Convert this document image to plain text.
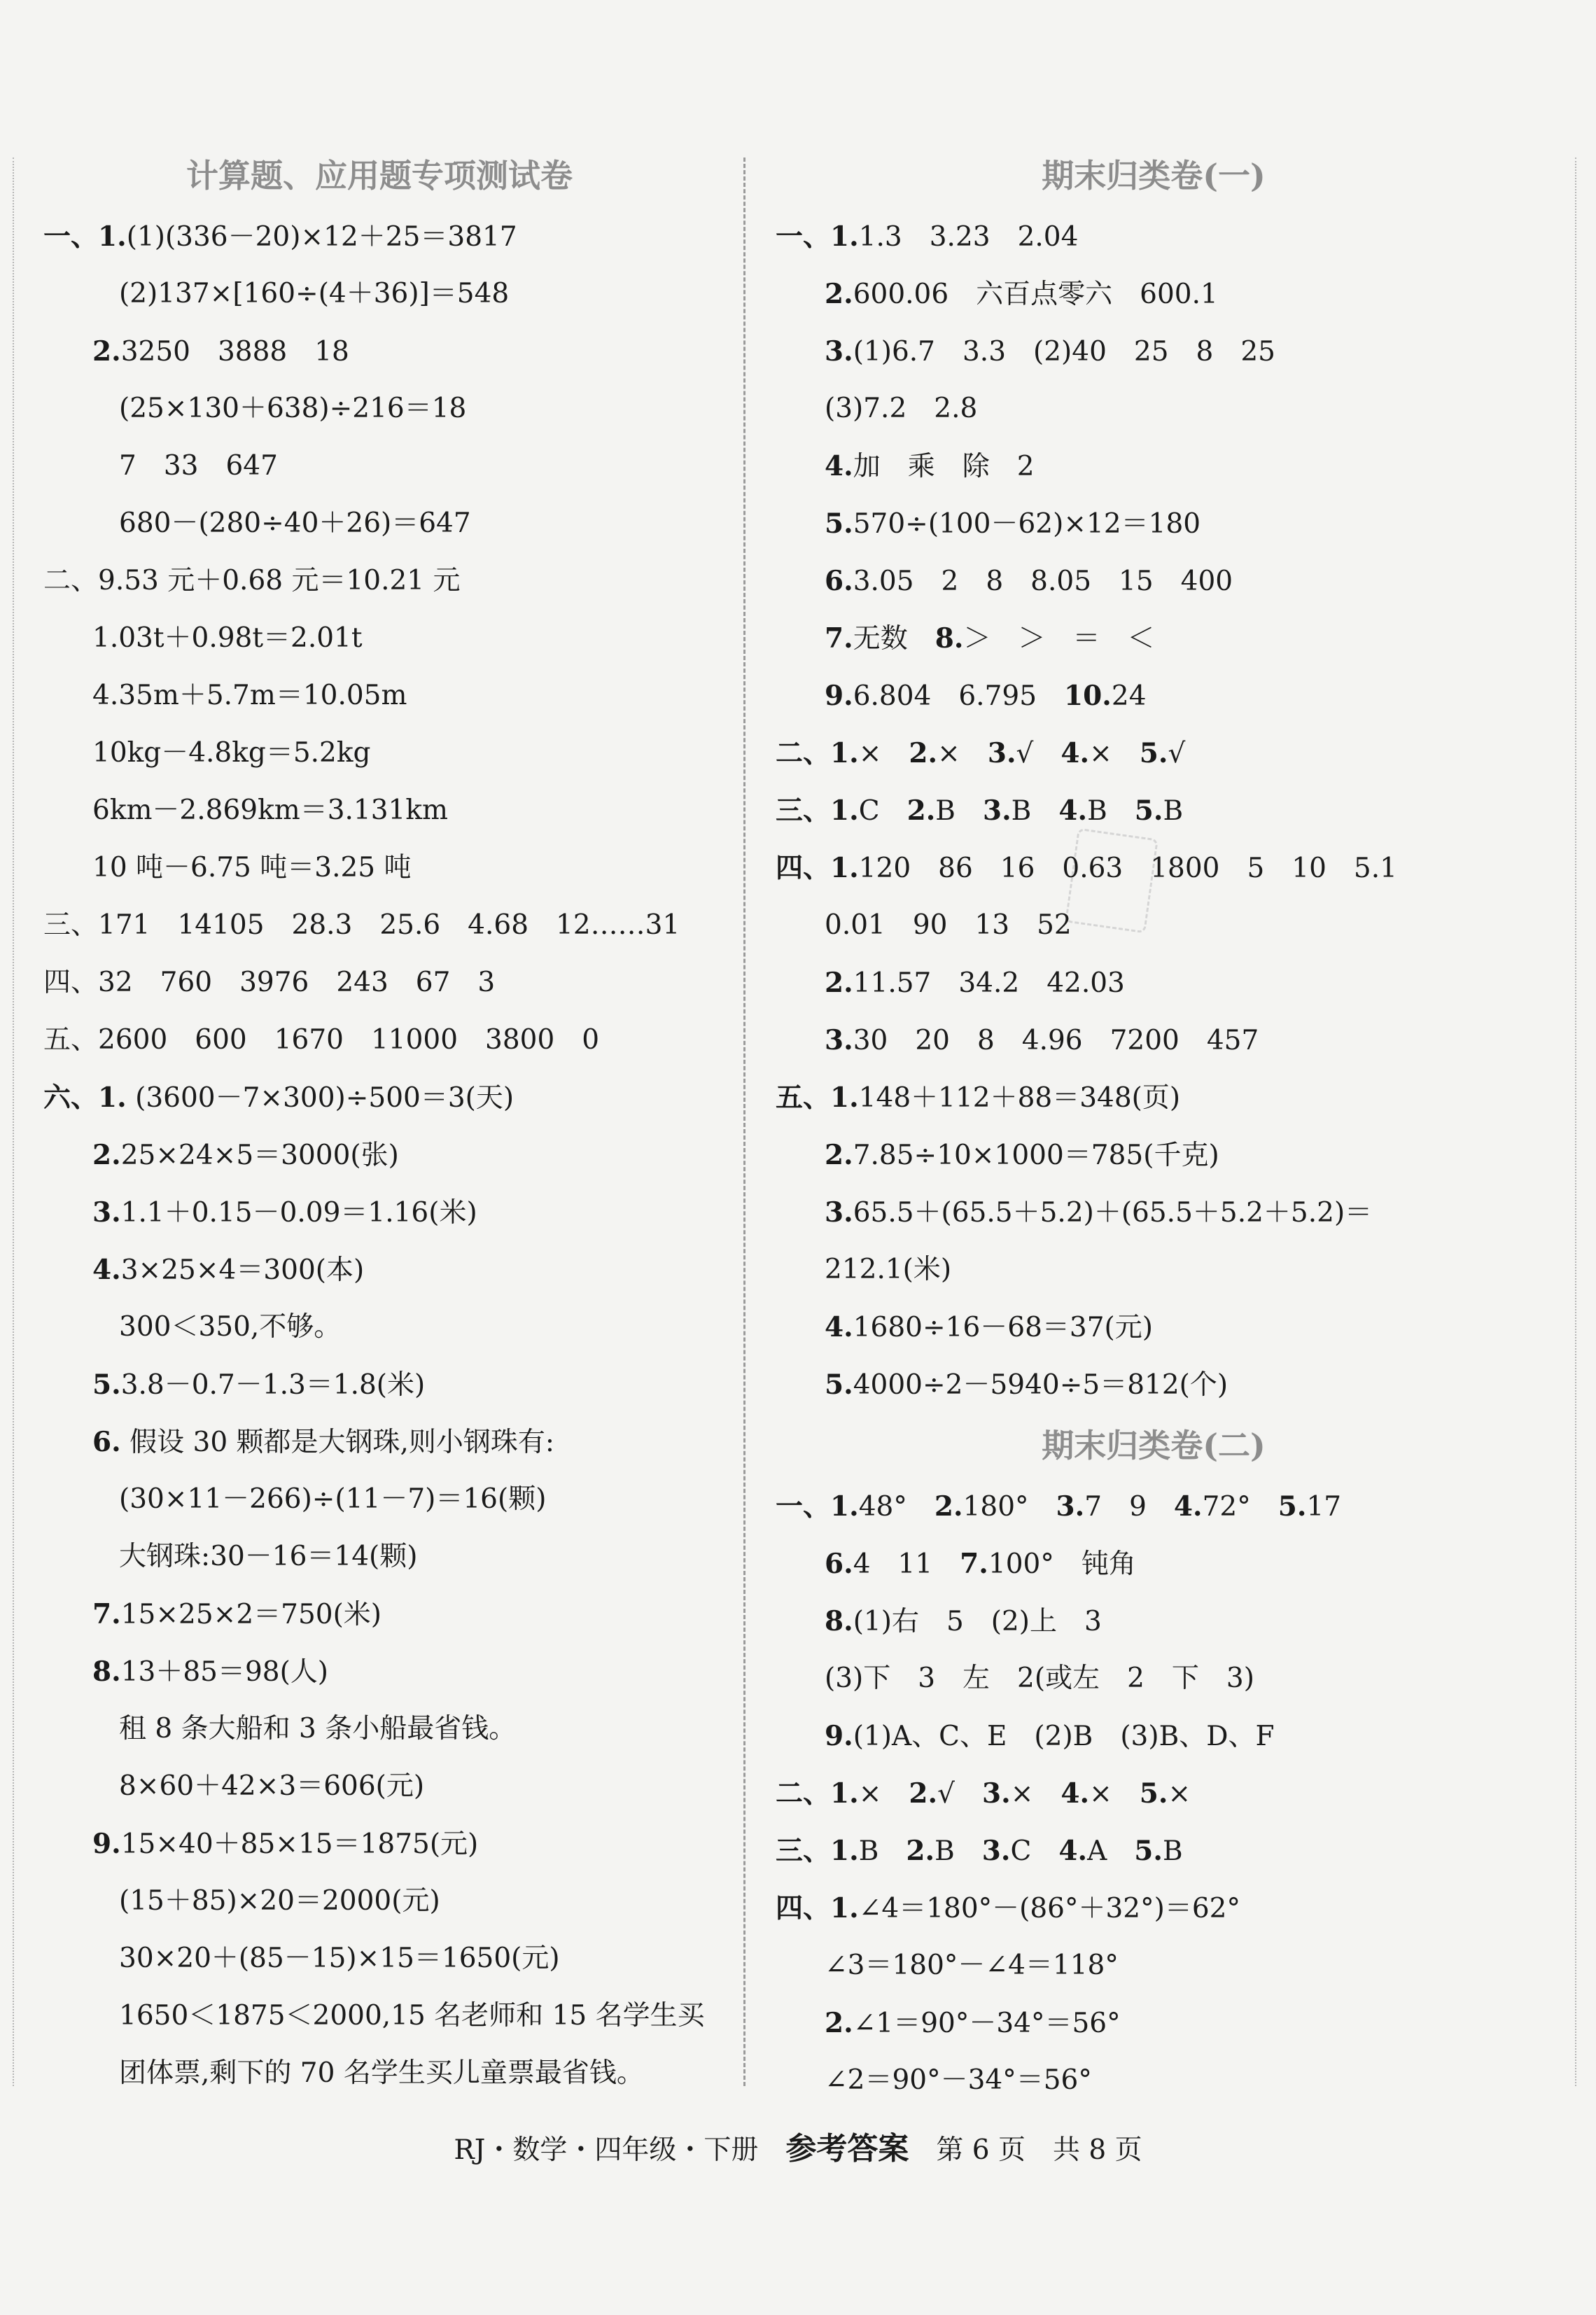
计算题、应用题专项测试卷
一、1.(1)(336－20)×12＋25＝3817
(2)137×[160÷(4＋36)]＝548
2.3250　3888　18
(25×130＋638)÷216＝18
7　33　647
680－(280÷40＋26)＝647
二、9.53 元＋0.68 元＝10.21 元
1.03t＋0.98t＝2.01t
4.35m＋5.7m＝10.05m
10kg－4.8kg＝5.2kg
6km－2.869km＝3.131km
10 吨－6.75 吨＝3.25 吨
三、171　14105　28.3　25.6　4.68　12……31
四、32　760　3976　243　67　3
五、2600　600　1670　11000　3800　0
六、1. (3600－7×300)÷500＝3(天)
2.25×24×5＝3000(张)
3.1.1＋0.15－0.09＝1.16(米)
4.3×25×4＝300(本)
300＜350,不够。
5.3.8－0.7－1.3＝1.8(米)
6. 假设 30 颗都是大钢珠,则小钢珠有:
(30×11－266)÷(11－7)＝16(颗)
大钢珠:30－16＝14(颗)
7.15×25×2＝750(米)
8.13＋85＝98(人)
租 8 条大船和 3 条小船最省钱。
8×60＋42×3＝606(元)
9.15×40＋85×15＝1875(元)
(15＋85)×20＝2000(元)
30×20＋(85－15)×15＝1650(元)
1650＜1875＜2000,15 名老师和 15 名学生买
团体票,剩下的 70 名学生买儿童票最省钱。
期末归类卷(一)
一、1.1.3　3.23　2.04
2.600.06　六百点零六　600.1
3.(1)6.7　3.3　(2)40　25　8　25
(3)7.2　2.8
4.加　乘　除　2
5.570÷(100－62)×12＝180
6.3.05　2　8　8.05　15　400
7.无数　8.＞　＞　＝　＜
9.6.804　6.795　10.24
二、1.×　2.×　3.√　4.×　5.√
三、1.C　2.B　3.B　4.B　5.B
四、1.120　86　16　0.63　1800　5　10　5.1
0.01　90　13　52
2.11.57　34.2　42.03
3.30　20　8　4.96　7200　457
五、1.148＋112＋88＝348(页)
2.7.85÷10×1000＝785(千克)
3.65.5＋(65.5＋5.2)＋(65.5＋5.2＋5.2)＝
212.1(米)
4.1680÷16－68＝37(元)
5.4000÷2－5940÷5＝812(个)
期末归类卷(二)
一、1.48°　2.180°　3.7　9　4.72°　5.17
6.4　11　7.100°　钝角
8.(1)右　5　(2)上　3
(3)下　3　左　2(或左　2　下　3)
9.(1)A、C、E　(2)B　(3)B、D、F
二、1.×　2.√　3.×　4.×　5.×
三、1.B　2.B　3.C　4.A　5.B
四、1.∠4＝180°－(86°＋32°)＝62°
∠3＝180°－∠4＝118°
2.∠1＝90°－34°＝56°
∠2＝90°－34°＝56°
RJ・数学・四年级・下册　参考答案　第 6 页　共 8 页
